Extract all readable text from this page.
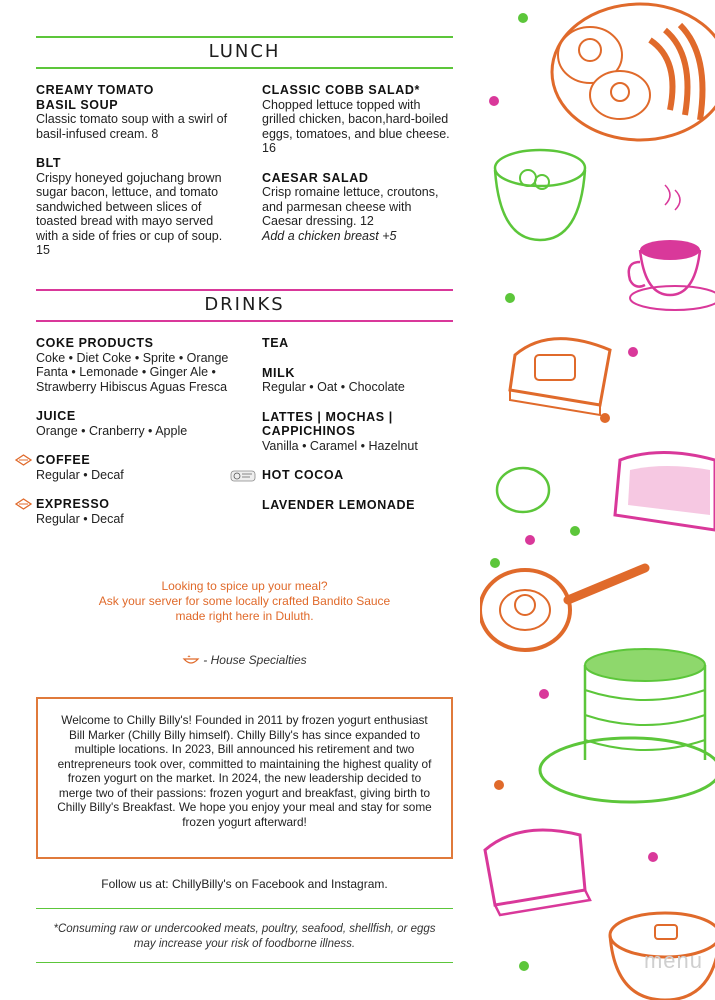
LUNCH
CREAMY TOMATO
BASIL SOUP
Classic tomato soup with a swirl of basil-infused cream. 8
BLT
Crispy honeyed gojuchang brown sugar bacon, lettuce, and tomato sandwiched between slices of toasted bread with mayo served with a side of fries or cup of soup. 15
CLASSIC COBB SALAD*
Chopped lettuce topped with grilled chicken, bacon,hard-boiled eggs, tomatoes, and blue cheese. 16
CAESAR SALAD
Crisp romaine lettuce, croutons, and parmesan cheese with Caesar dressing. 12
Add a chicken breast +5
DRINKS
COKE PRODUCTS
Coke • Diet Coke • Sprite • Orange Fanta • Lemonade • Ginger Ale • Strawberry Hibiscus Aguas Fresca
JUICE
Orange • Cranberry • Apple
COFFEE
Regular • Decaf
EXPRESSO
Regular • Decaf
TEA
MILK
Regular • Oat • Chocolate
LATTES | MOCHAS | CAPPICHINOS
Vanilla • Caramel • Hazelnut
HOT COCOA
LAVENDER LEMONADE
Looking to spice up your meal?
Ask your server for some locally crafted Bandito Sauce
made right here in Duluth.
- House Specialties
Welcome to Chilly Billy's! Founded in 2011 by frozen yogurt enthusiast Bill Marker (Chilly Billy himself). Chilly Billy's has since expanded to multiple locations. In 2023, Bill announced his retirement and two entrepreneurs took over, committed to maintaining the highest quality of frozen yogurt on the market. In 2024, the new leadership decided to merge two of their passions: frozen yogurt and breakfast, giving birth to Chilly Billy's Breakfast. We hope you enjoy your meal and stay for some frozen yogurt afterward!
Follow us at: ChillyBilly's on Facebook and Instagram.
*Consuming raw or undercooked meats, poultry, seafood, shellfish, or eggs
may increase your risk of foodborne illness.
menu
